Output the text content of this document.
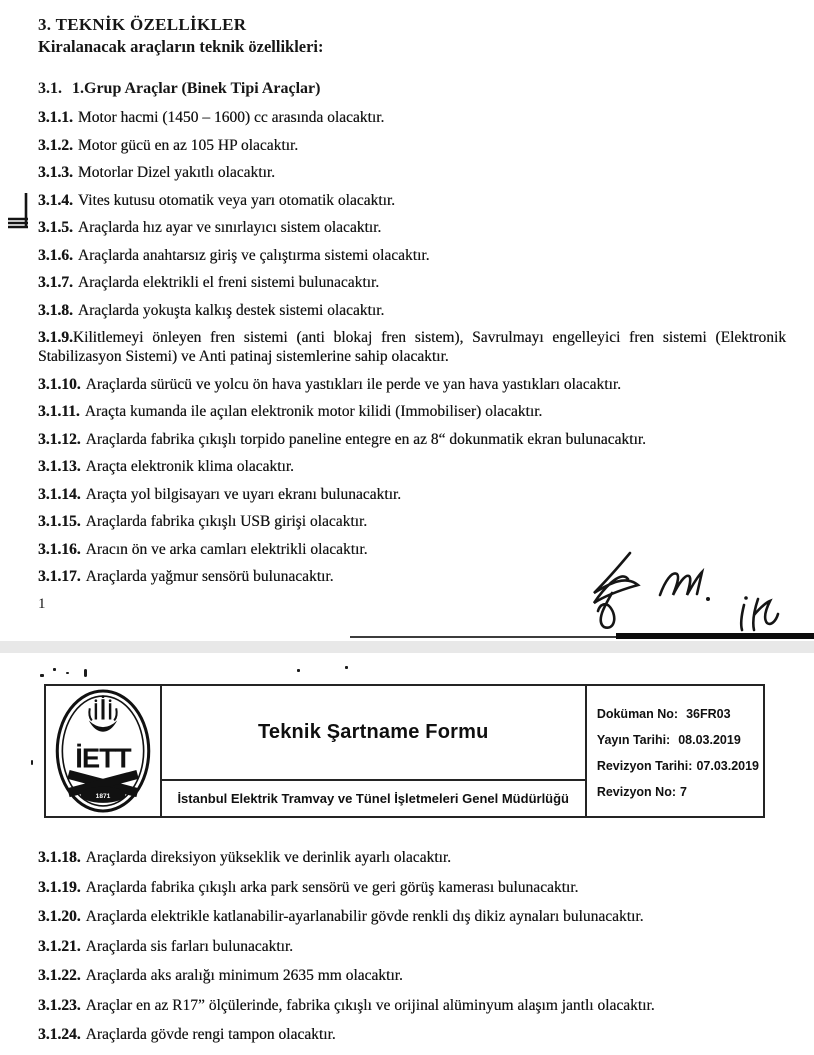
3. TEKNİK ÖZELLİKLER
Kiralanacak araçların teknik özellikleri:
3.1. 1.Grup Araçlar (Binek Tipi Araçlar)

3.1.1. Motor hacmi (1450 – 1600) cc arasında olacaktır.

3.1.2. Motor gücü en az 105 HP olacaktır.

3.1.3. Motorlar Dizel yakıtlı olacaktır.

3.1.4. Vites kutusu otomatik veya yarı otomatik olacaktır.

3.1.5. Araçlarda hız ayar ve sınırlayıcı sistem olacaktır.

3.1.6. Araçlarda anahtarsız giriş ve çalıştırma sistemi olacaktır.

3.1.7. Araçlarda elektrikli el freni sistemi bulunacaktır.

3.1.8. Araçlarda yokuşta kalkış destek sistemi olacaktır.

3.1.9.Kilitlemeyi önleyen fren sistemi (anti blokaj fren sistem), Savrulmayı engelleyici fren sistemi (Elektronik Stabilizasyon Sistemi) ve Anti patinaj sistemlerine sahip olacaktır.

3.1.10. Araçlarda sürücü ve yolcu ön hava yastıkları ile perde ve yan hava yastıkları olacaktır.

3.1.11. Araçta kumanda ile açılan elektronik motor kilidi (Immobiliser) olacaktır.

3.1.12. Araçlarda fabrika çıkışlı torpido paneline entegre en az 8“ dokunmatik ekran bulunacaktır.

3.1.13. Araçta elektronik klima olacaktır.

3.1.14. Araçta yol bilgisayarı ve uyarı ekranı bulunacaktır.

3.1.15. Araçlarda fabrika çıkışlı USB girişi olacaktır.

3.1.16. Aracın ön ve arka camları elektrikli olacaktır.

3.1.17. Araçlarda yağmur sensörü bulunacaktır.

1
İETT
1871
Teknik Şartname Formu
İstanbul Elektrik Tramvay ve Tünel İşletmeleri Genel Müdürlüğü
Doküman No: 36FR03
Yayın Tarihi: 08.03.2019
Revizyon Tarihi: 07.03.2019
Revizyon No: 7

3.1.18. Araçlarda direksiyon yükseklik ve derinlik ayarlı olacaktır.

3.1.19. Araçlarda fabrika çıkışlı arka park sensörü ve geri görüş kamerası bulunacaktır.

3.1.20. Araçlarda elektrikle katlanabilir-ayarlanabilir gövde renkli dış dikiz aynaları bulunacaktır.

3.1.21. Araçlarda sis farları bulunacaktır.

3.1.22. Araçlarda aks aralığı minimum 2635 mm olacaktır.

3.1.23. Araçlar en az R17” ölçülerinde, fabrika çıkışlı ve orijinal alüminyum alaşım jantlı olacaktır.

3.1.24. Araçlarda gövde rengi tampon olacaktır.
